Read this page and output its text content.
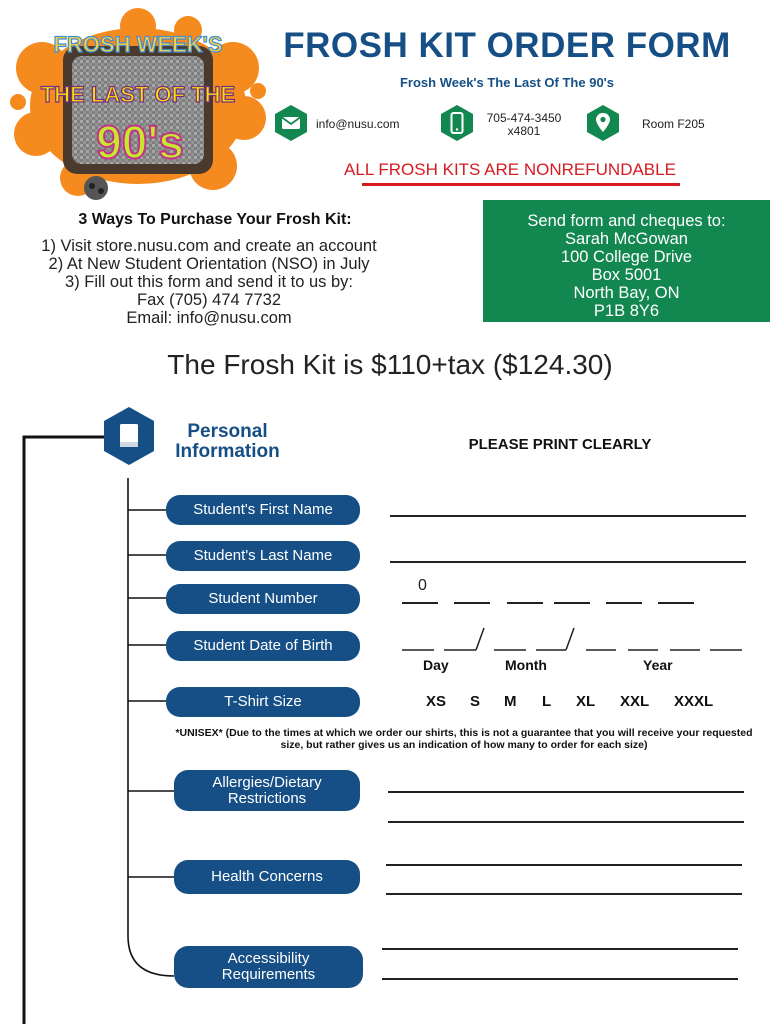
FROSH WEEK'S
THE LAST OF THE
90's
FROSH KIT ORDER FORM
Frosh Week's The Last Of The 90's
info@nusu.com	705-474-3450
x4801	Room F205
ALL FROSH KITS ARE NONREFUNDABLE
3 Ways To Purchase Your Frosh Kit:
1) Visit store.nusu.com and create an account
2) At New Student Orientation (NSO) in July
3) Fill out this form and send it to us by:
Fax (705) 474 7732
Email: info@nusu.com
Send form and cheques to:
Sarah McGowan
100 College Drive
Box 5001
North Bay, ON
P1B 8Y6
The Frosh Kit is $110+tax ($124.30)
Personal Information	PLEASE PRINT CLEARLY
Student's First Name
Student's Last Name
Student Number
0
Student Date of Birth
Day	Month	Year
T-Shirt Size	XS S M L XL XXL XXXL
*UNISEX* (Due to the times at which we order our shirts, this is not a guarantee that you will receive your requested size, but rather gives us an indication of how many to order for each size)
Allergies/Dietary
Restrictions
Health Concerns
Accessibility
Requirements
